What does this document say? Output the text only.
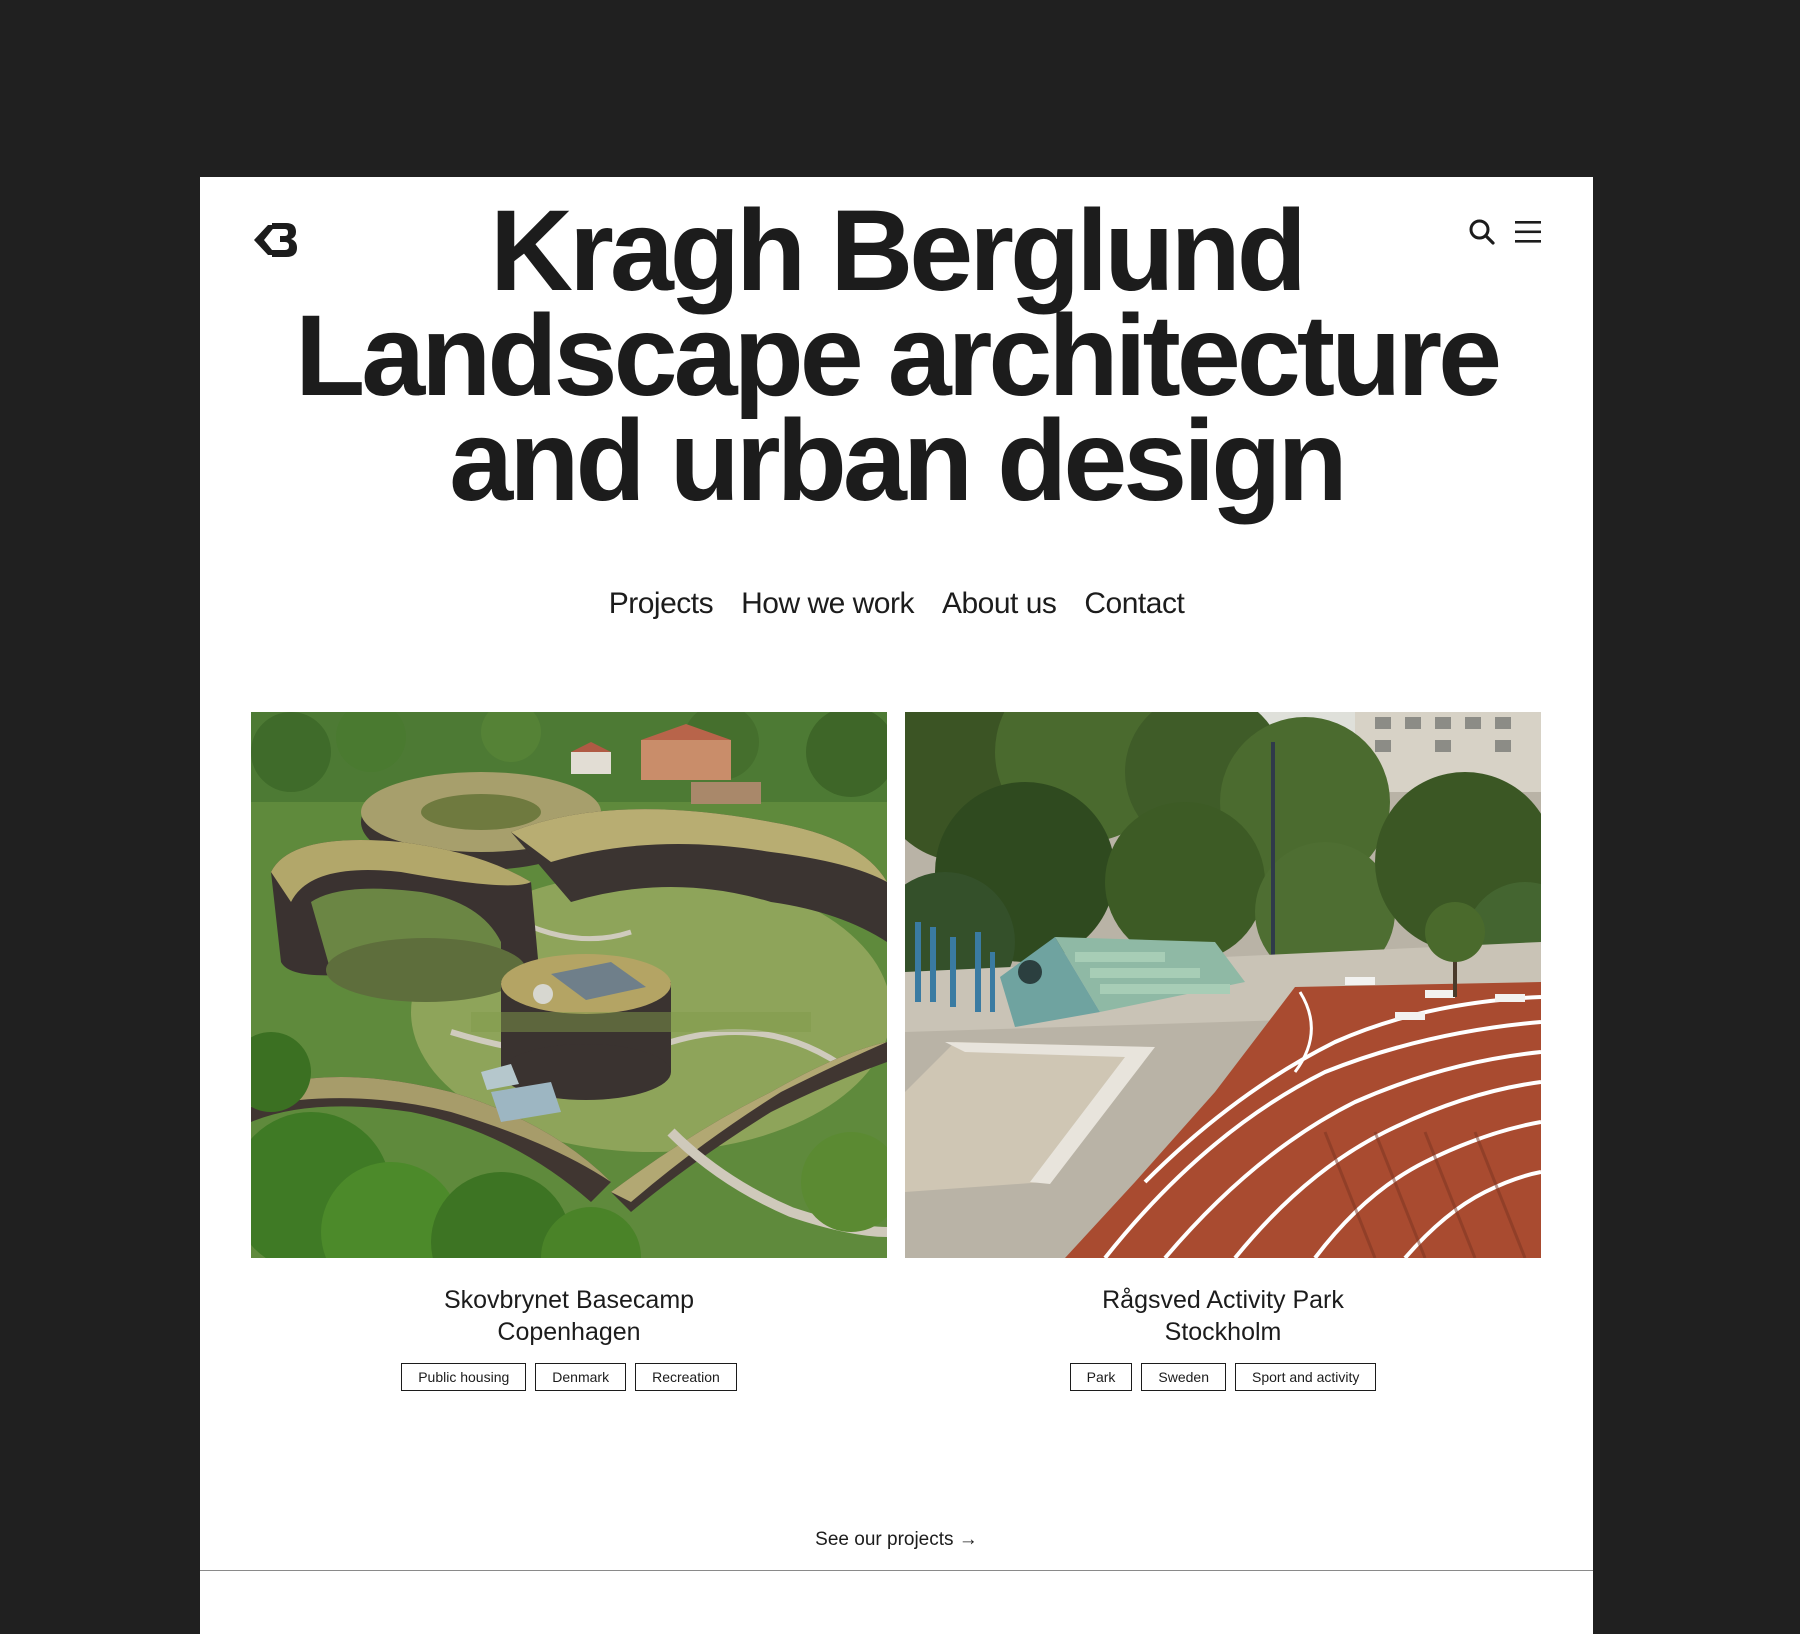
Kragh Berglund
Landscape architecture
and urban design
Projects How we work About us Contact
Skovbrynet Basecamp
Copenhagen
Public housing	Denmark	Recreation
Rågsved Activity Park
Stockholm
Park	Sweden	Sport and activity
See our projects →
